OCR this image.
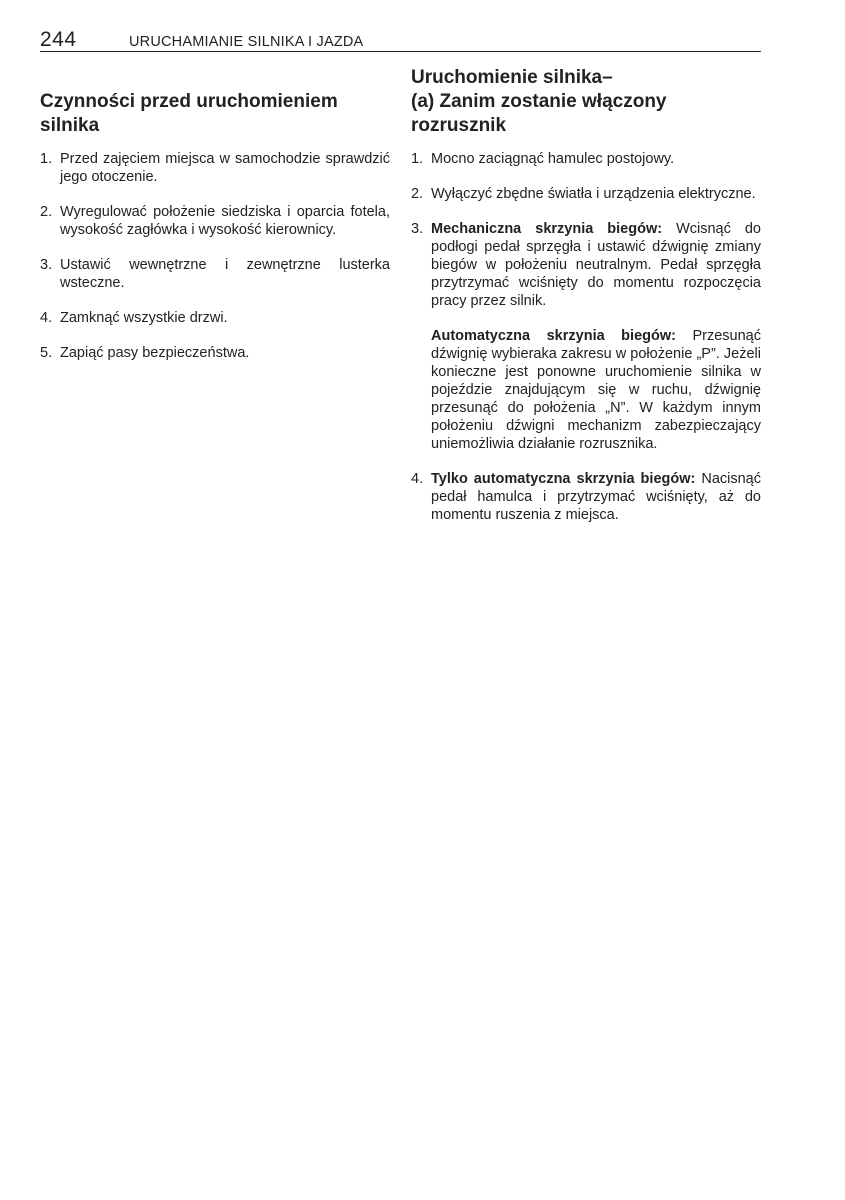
244	URUCHAMIANIE SILNIKA I JAZDA
Czynności przed uruchomieniem
silnika
1. Przed zajęciem miejsca w samochodzie sprawdzić jego otoczenie.
2. Wyregulować położenie siedziska i oparcia fotela, wysokość zagłówka i wysokość kierownicy.
3. Ustawić wewnętrzne i zewnętrzne lusterka wsteczne.
4. Zamknąć wszystkie drzwi.
5. Zapiąć pasy bezpieczeństwa.
Uruchomienie silnika–
(a) Zanim zostanie włączony
rozrusznik
1. Mocno zaciągnąć hamulec postojowy.
2. Wyłączyć zbędne światła i urządzenia elektryczne.
3. Mechaniczna skrzynia biegów: Wcisnąć do podłogi pedał sprzęgła i ustawić dźwignię zmiany biegów w położeniu neutralnym. Pedał sprzęgła przytrzymać wciśnięty do momentu rozpoczęcia pracy przez silnik.
Automatyczna skrzynia biegów: Przesunąć dźwignię wybieraka zakresu w położenie „P”. Jeżeli konieczne jest ponowne uruchomienie silnika w pojeździe znajdującym się w ruchu, dźwignię przesunąć do położenia „N”. W każdym innym położeniu dźwigni mechanizm zabezpieczający uniemożliwia działanie rozrusznika.
4. Tylko automatyczna skrzynia biegów: Nacisnąć pedał hamulca i przytrzymać wciśnięty, aż do momentu ruszenia z miejsca.
